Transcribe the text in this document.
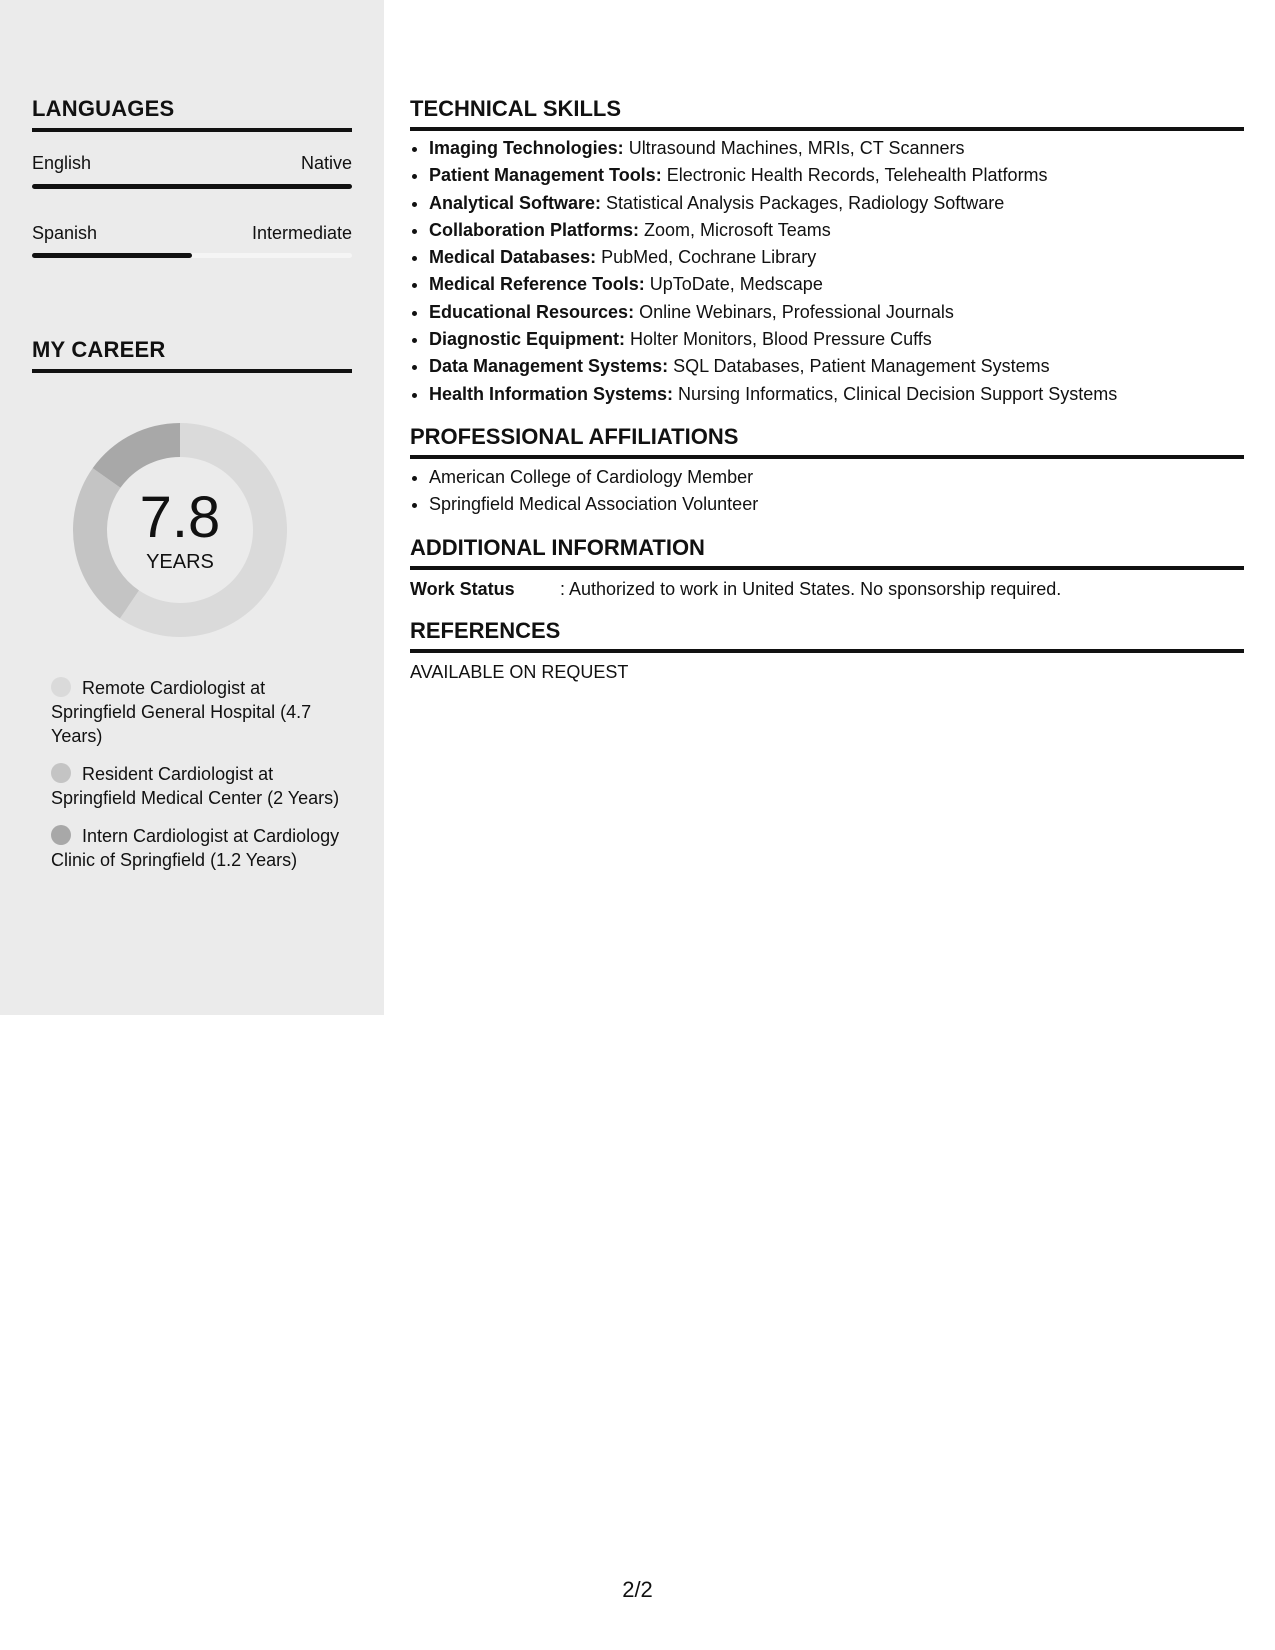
LANGUAGES
English	Native
Spanish	Intermediate
MY CAREER
7.8
YEARS
Remote Cardiologist at Springfield General Hospital (4.7 Years)
Resident Cardiologist at Springfield Medical Center (2 Years)
Intern Cardiologist at Cardiology Clinic of Springfield (1.2 Years)
TECHNICAL SKILLS
• Imaging Technologies: Ultrasound Machines, MRIs, CT Scanners
• Patient Management Tools: Electronic Health Records, Telehealth Platforms
• Analytical Software: Statistical Analysis Packages, Radiology Software
• Collaboration Platforms: Zoom, Microsoft Teams
• Medical Databases: PubMed, Cochrane Library
• Medical Reference Tools: UpToDate, Medscape
• Educational Resources: Online Webinars, Professional Journals
• Diagnostic Equipment: Holter Monitors, Blood Pressure Cuffs
• Data Management Systems: SQL Databases, Patient Management Systems
• Health Information Systems: Nursing Informatics, Clinical Decision Support Systems
PROFESSIONAL AFFILIATIONS
• American College of Cardiology Member
• Springfield Medical Association Volunteer
ADDITIONAL INFORMATION
Work Status	: Authorized to work in United States. No sponsorship required.
REFERENCES
AVAILABLE ON REQUEST
2/2
